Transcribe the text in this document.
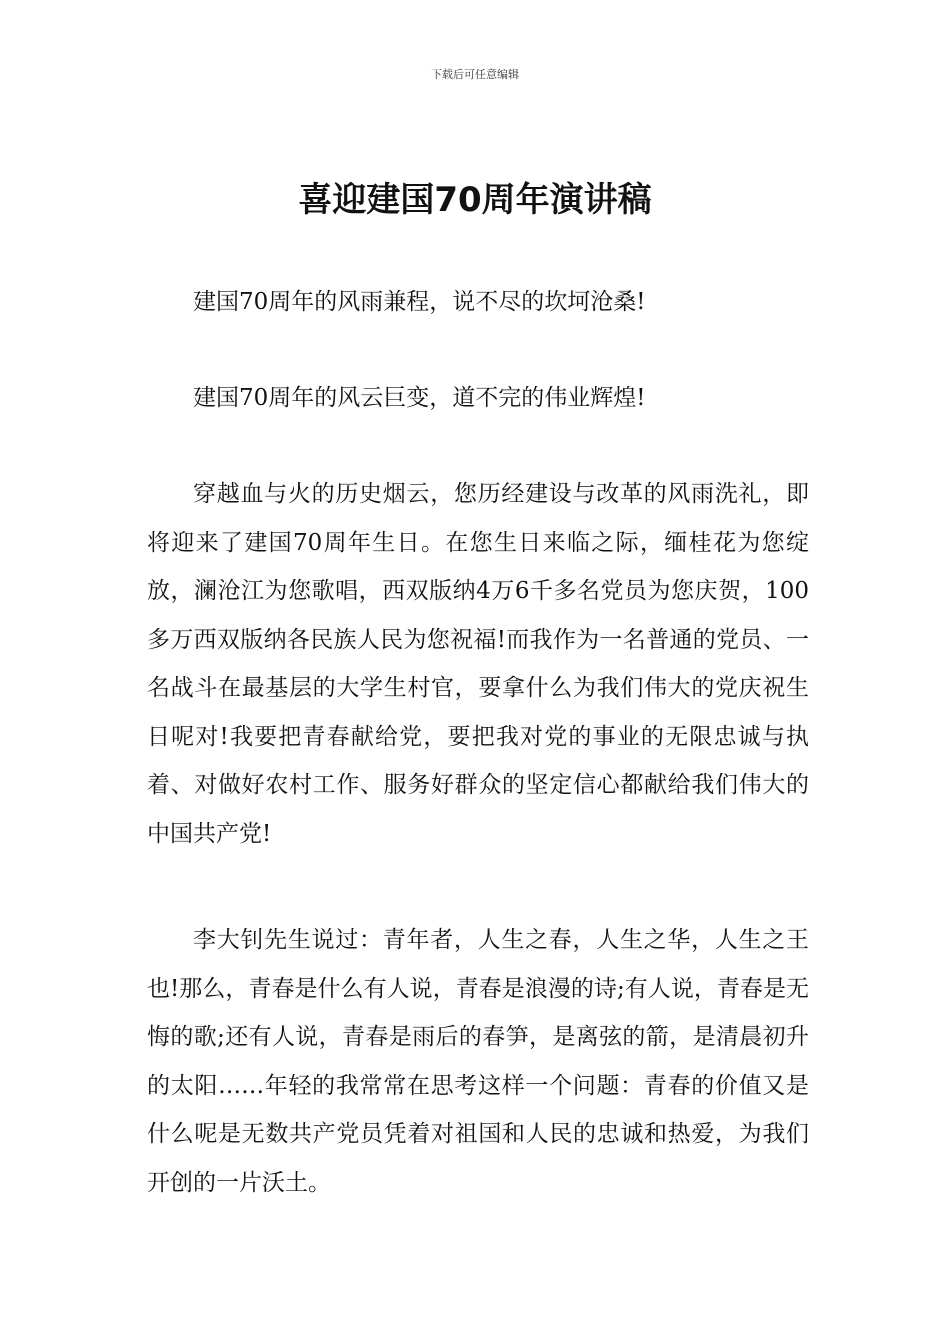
下载后可任意编辑
喜迎建国70周年演讲稿

建国70周年的风雨兼程，说不尽的坎坷沧桑!

建国70周年的风云巨变，道不完的伟业辉煌!

穿越血与火的历史烟云，您历经建设与改革的风雨洗礼，即将迎来了建国70周年生日。在您生日来临之际，缅桂花为您绽放，澜沧江为您歌唱，西双版纳4万6千多名党员为您庆贺，100多万西双版纳各民族人民为您祝福!而我作为一名普通的党员、一名战斗在最基层的大学生村官，要拿什么为我们伟大的党庆祝生日呢对!我要把青春献给党，要把我对党的事业的无限忠诚与执着、对做好农村工作、服务好群众的坚定信心都献给我们伟大的中国共产党!

李大钊先生说过：青年者，人生之春，人生之华，人生之王也!那么，青春是什么有人说，青春是浪漫的诗;有人说，青春是无悔的歌;还有人说，青春是雨后的春笋，是离弦的箭，是清晨初升的太阳……年轻的我常常在思考这样一个问题：青春的价值又是什么呢是无数共产党员凭着对祖国和人民的忠诚和热爱，为我们开创的一片沃土。
